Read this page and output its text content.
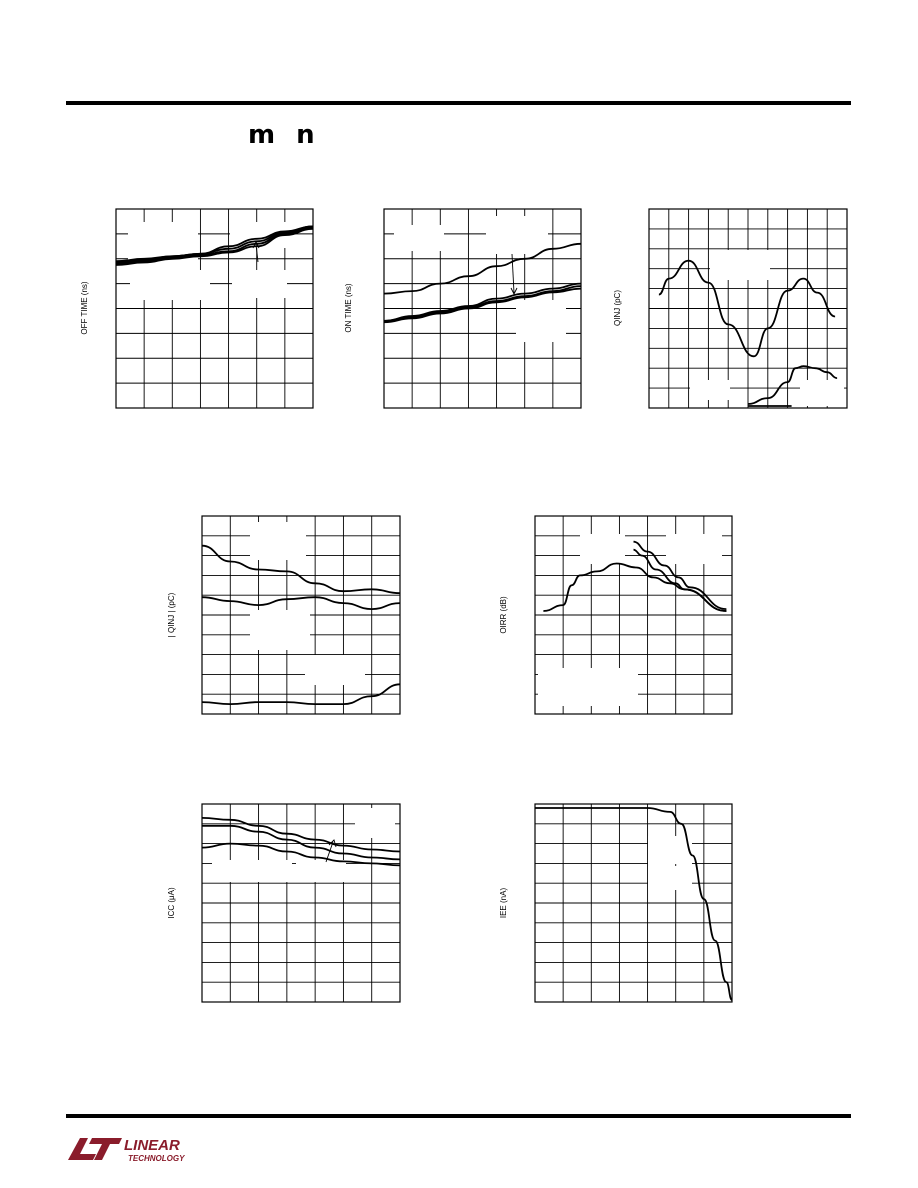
m n
OFF TIME (ns)	ON TIME (ns)	QINJ (pC)
| QINJ | (pC)	OIRR (dB)
ICC (μA)	IEE (nA)
LINEAR
TECHNOLOGY
